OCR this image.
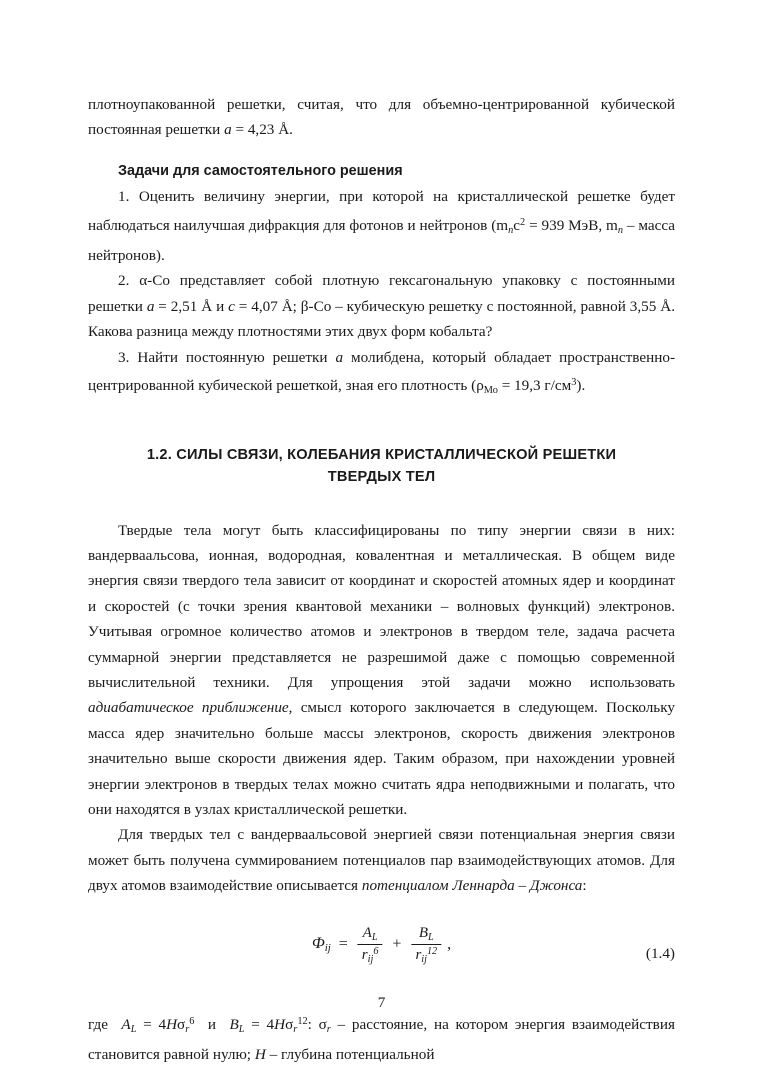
плотноупакованной решетки, считая, что для объемно-центрированной кубической постоянная решетки a = 4,23 Å.

Задачи для самостоятельного решения

1. Оценить величину энергии, при которой на кристаллической решетке будет наблюдаться наилучшая дифракция для фотонов и нейтронов ($m_nc^2 = 939$ МэВ, $m_n$ – масса нейтронов).

2. α-Со представляет собой плотную гексагональную упаковку с постоянными решетки a = 2,51 Å и c = 4,07 Å; β-Со – кубическую решетку с постоянной, равной 3,55 Å. Какова разница между плотностями этих двух форм кобальта?

3. Найти постоянную решетки a молибдена, который обладает пространственно-центрированной кубической решеткой, зная его плотность ($\rho_{Мо} = 19,3$ $г/см^3$).

1.2. СИЛЫ СВЯЗИ, КОЛЕБАНИЯ КРИСТАЛЛИЧЕСКОЙ РЕШЕТКИ
ТВЕРДЫХ ТЕЛ

Твердые тела могут быть классифицированы по типу энергии связи в них: вандерваальсова, ионная, водородная, ковалентная и металлическая. В общем виде энергия связи твердого тела зависит от координат и скоростей атомных ядер и координат и скоростей (с точки зрения квантовой механики – волновых функций) электронов. Учитывая огромное количество атомов и электронов в твердом теле, задача расчета суммарной энергии представляется не разрешимой даже с помощью современной вычислительной техники. Для упрощения этой задачи можно использовать адиабатическое приближение, смысл которого заключается в следующем. Поскольку масса ядер значительно больше массы электронов, скорость движения электронов значительно выше скорости движения ядер. Таким образом, при нахождении уровней энергии электронов в твердых телах можно считать ядра неподвижными и полагать, что они находятся в узлах кристаллической решетки.

Для твердых тел с вандерваальсовой энергией связи потенциальная энергия связи может быть получена суммированием потенциалов пар взаимодействующих атомов. Для двух атомов взаимодействие описывается потенциалом Леннарда – Джонса:

$Ф_{ij} = \frac{A_L}{r_{ij}^6} + \frac{B_L}{r_{ij}^{12}}$ ,
(1.4)

где  $A_L = 4H\sigma_r^6$  и  $B_L = 4H\sigma_r^{12}$: $\sigma_r$ – расстояние, на котором энергия взаимодействия становится равной нулю; H – глубина потенциальной

7
